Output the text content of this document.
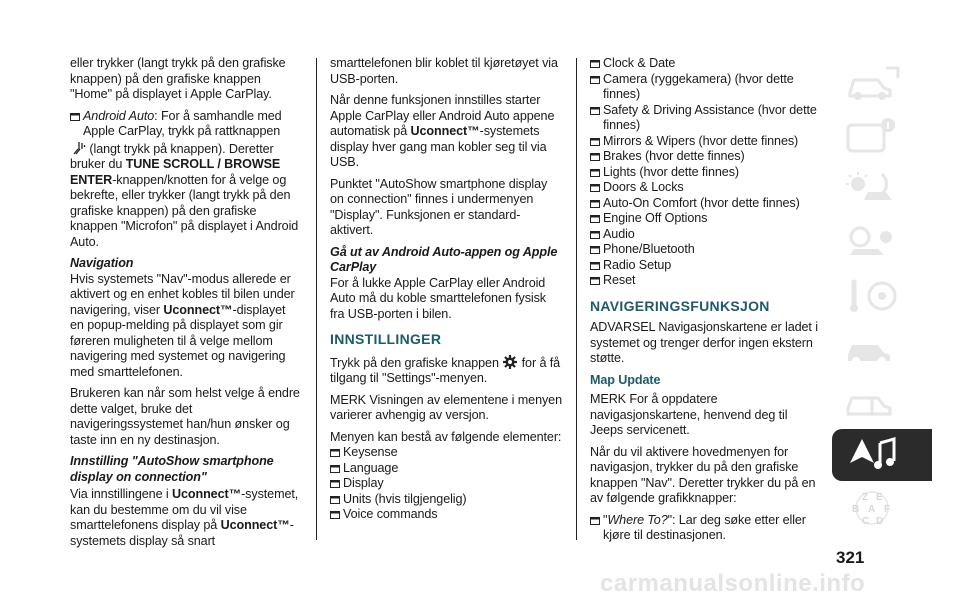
eller trykker (langt trykk på den grafiske knappen) på den grafiske knappen "Home" på displayet i Apple CarPlay.

Android Auto: For å samhandle med Apple CarPlay, trykk på rattknappen

(langt trykk på knappen). Deretter bruker du TUNE SCROLL / BROWSE ENTER-knappen/knotten for å velge og bekrefte, eller trykker (langt trykk på den grafiske knappen) på den grafiske knappen "Microfon" på displayet i Android Auto.

Navigation

Hvis systemets "Nav"-modus allerede er aktivert og en enhet kobles til bilen under navigering, viser Uconnect™-displayet en popup-melding på displayet som gir føreren muligheten til å velge mellom navigering med systemet og navigering med smarttelefonen.

Brukeren kan når som helst velge å endre dette valget, bruke det navigeringssystemet han/hun ønsker og taste inn en ny destinasjon.

Innstilling "AutoShow smartphone display on connection"

Via innstillingene i Uconnect™-systemet, kan du bestemme om du vil vise smarttelefonens display på Uconnect™-systemets display så snart

smarttelefonen blir koblet til kjøretøyet via USB-porten.

Når denne funksjonen innstilles starter Apple CarPlay eller Android Auto appene automatisk på Uconnect™-systemets display hver gang man kobler seg til via USB.

Punktet "AutoShow smartphone display on connection" finnes i undermenyen "Display". Funksjonen er standard-aktivert.

Gå ut av Android Auto-appen og Apple CarPlay

For å lukke Apple CarPlay eller Android Auto må du koble smarttelefonen fysisk fra USB-porten i bilen.

INNSTILLINGER

Trykk på den grafiske knappen for å få tilgang til "Settings"-menyen.

MERK Visningen av elementene i menyen varierer avhengig av versjon.

Menyen kan bestå av følgende elementer:

Keysense
Language
Display
Units (hvis tilgjengelig)
Voice commands
Clock & Date
Camera (ryggekamera) (hvor dette finnes)
Safety & Driving Assistance (hvor dette finnes)
Mirrors & Wipers (hvor dette finnes)
Brakes (hvor dette finnes)
Lights (hvor dette finnes)
Doors & Locks
Auto-On Comfort (hvor dette finnes)
Engine Off Options
Audio
Phone/Bluetooth
Radio Setup
Reset

NAVIGERINGSFUNKSJON

ADVARSEL Navigasjonskartene er ladet i systemet og trenger derfor ingen ekstern støtte.

Map Update

MERK For å oppdatere navigasjonskartene, henvend deg til Jeeps servicenett.

Når du vil aktivere hovedmenyen for navigasjon, trykker du på den grafiske knappen "Nav". Deretter trykker du på en av følgende grafikknapper:

"Where To?": Lar deg søke etter eller kjøre til destinasjonen.
Z E
B A F
C D
321
carmanualsonline.info
